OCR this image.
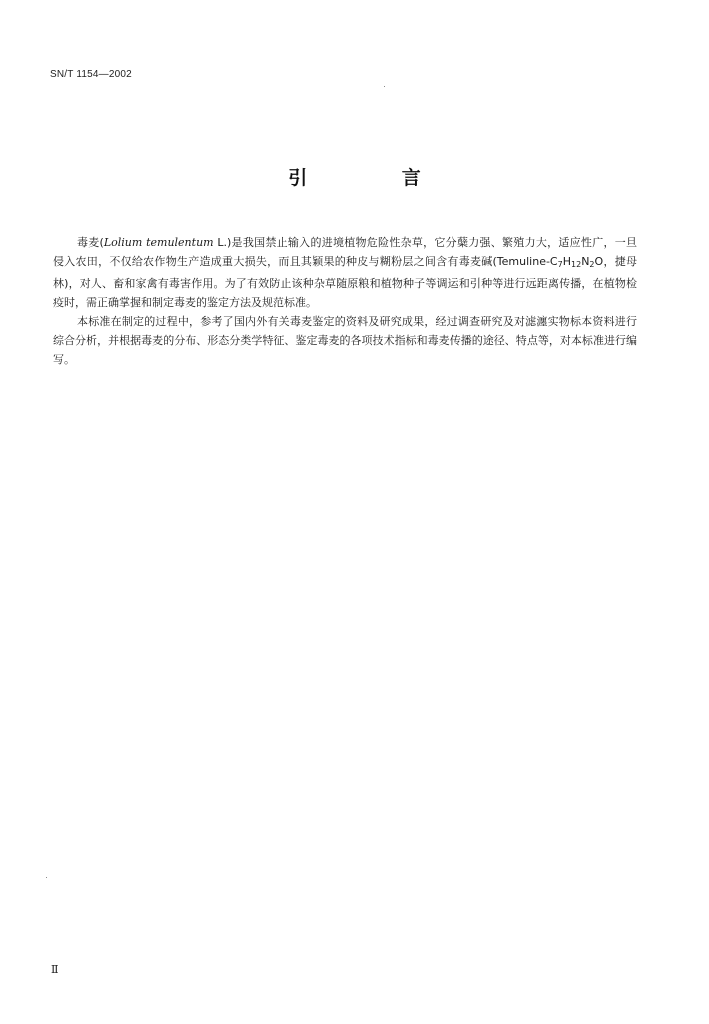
SN/T 1154—2002
引 言

毒麦(Lolium temulentum L.)是我国禁止输入的进境植物危险性杂草，它分蘖力强、繁殖力大，适应性广，一旦侵入农田，不仅给农作物生产造成重大损失，而且其颖果的种皮与糊粉层之间含有毒麦碱($Temuline-C_7H_{12}N_2O$，捷母林)，对人、畜和家禽有毒害作用。为了有效防止该种杂草随原粮和植物种子等调运和引种等进行远距离传播，在植物检疫时，需正确掌握和制定毒麦的鉴定方法及规范标准。

本标准在制定的过程中，参考了国内外有关毒麦鉴定的资料及研究成果，经过调查研究及对滤瀍实物标本资料进行综合分析，并根据毒麦的分布、形态分类学特征、鉴定毒麦的各项技术指标和毒麦传播的途径、特点等，对本标准进行编写。

Ⅱ
